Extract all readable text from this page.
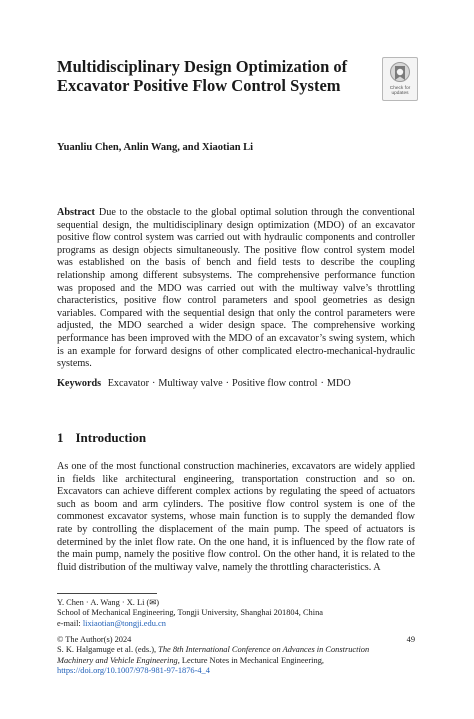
Multidisciplinary Design Optimization of Excavator Positive Flow Control System	Check for
updates
Yuanliu Chen, Anlin Wang, and Xiaotian Li

Abstract Due to the obstacle to the global optimal solution through the conventional sequential design, the multidisciplinary design optimization (MDO) of an excavator positive flow control system was carried out with hydraulic components and controller programs as design objects simultaneously. The positive flow control system model was established on the basis of bench and field tests to describe the coupling relationship among different subsystems. The comprehensive performance function was proposed and the MDO was carried out with the multiway valve’s throttling characteristics, positive flow control parameters and spool geometries as design variables. Compared with the sequential design that only the control parameters were adjusted, the MDO searched a wider design space. The comprehensive working performance has been improved with the MDO of an excavator’s swing system, which is an example for forward designs of other complicated electro-mechanical-hydraulic systems.

Keywords Excavator · Multiway valve · Positive flow control · MDO
1 Introduction

As one of the most functional construction machineries, excavators are widely applied in fields like architectural engineering, transportation construction and so on. Excavators can achieve different complex actions by regulating the speed of actuators such as boom and arm cylinders. The positive flow control system is one of the commonest excavator systems, whose main function is to supply the demanded flow rate by controlling the displacement of the main pump. The speed of actuators is determined by the inlet flow rate. On the one hand, it is influenced by the flow rate of the main pump, namely the positive flow control. On the other hand, it is related to the fluid distribution of the multiway valve, namely the throttling characteristics. A

Y. Chen · A. Wang · X. Li (✉)
School of Mechanical Engineering, Tongji University, Shanghai 201804, China
e-mail: lixiaotian@tongji.edu.cn
© The Author(s) 2024
S. K. Halgamuge et al. (eds.), The 8th International Conference on Advances in Construction Machinery and Vehicle Engineering, Lecture Notes in Mechanical Engineering, https://doi.org/10.1007/978-981-97-1876-4_4
49
